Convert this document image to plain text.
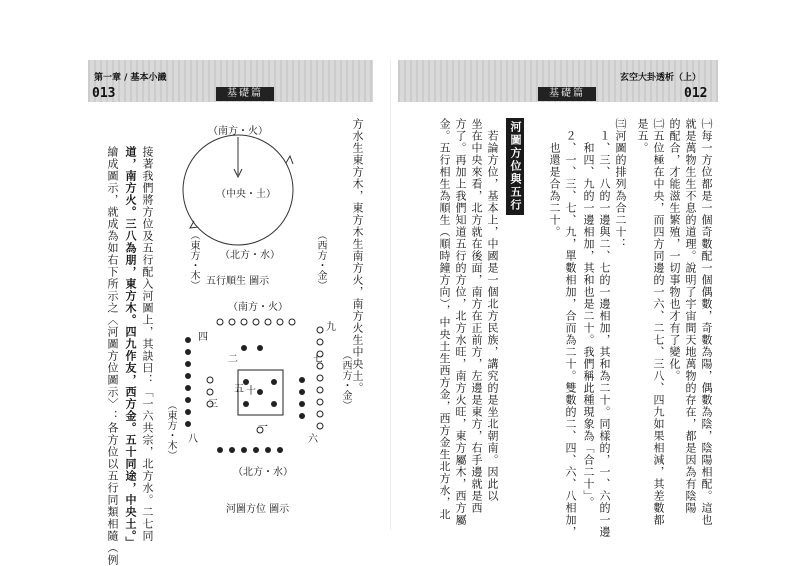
第一章 / 基本小識
013	基礎篇
方水生東方木，東方木生南方火，南方火生中央土。
接著我們將方位及五行配入河圖上，其訣曰：「一六共宗，北方水。二七同
道，南方火。三八為朋，東方木。四九作友，西方金。五十同途，中央土。」
繪成圖示，就成為如右下所示之〈河圖方位圖示〉：各方位以五行同類相隨（例
（南方・火）
（東方・木）
（中央・土）
（西方・金）
（北方・水）
五行順生 圖示
（南方・火）
（東方・木）
（西方・金）
（北方・水）
九
四
三
八
二	七
六
一
十
五
河圖方位 圖示
玄空大卦透析（上）
012
基礎篇
㈠每一方位都是一個奇數配一個偶數，奇數為陽，偶數為陰，陰陽相配。這也
就是萬物生生不息的道理。說明了宇宙間天地萬物的存在，都是因為有陰陽
的配合，才能滋生繁殖，一切事物也才有了變化。
㈡五位極在中央，而四方同邊的一六、二七、三八、四九如果相減，其差數都
是五。
㈢河圖的排列為合二十：
１、三、八的一邊與二、七的一邊相加，其和為二十。同樣的，一、六的一邊
和四、九的一邊相加，其和也是二十。我們稱此種現象為「合二十」。
２、一、三、七、九，單數相加，合而為二十。雙數的二、四、六、八相加，
也還是合為二十。
河圖方位與五行
若論方位，基本上，中國是一個北方民族，講究的是坐北朝南。因此以
坐在中央來看，北方就在後面，南方在正前方，左邊是東方，右手邊就是西
方了。再加上我們知道五行的方位，北方水旺，南方火旺，東方屬木，西方屬
金。五行相生為順生（順時鐘方向），中央土生西方金，西方金生北方水，北
